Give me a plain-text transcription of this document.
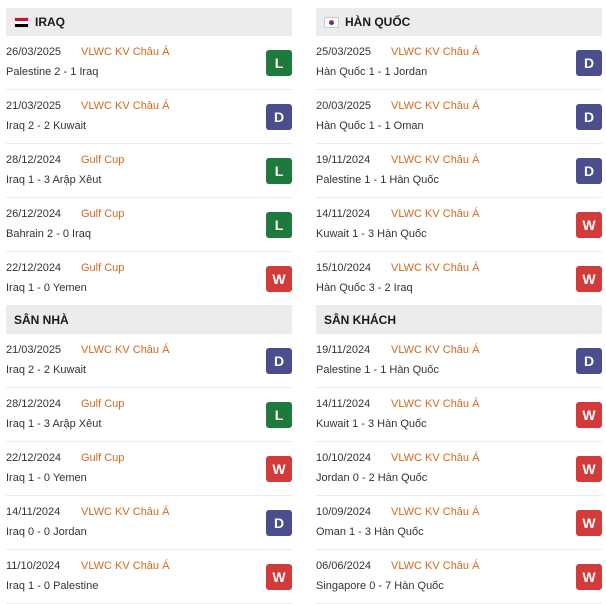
IRAQ
26/03/2025 VLWC KV Châu Á
Palestine 2 - 1 Iraq
L
21/03/2025 VLWC KV Châu Á
Iraq 2 - 2 Kuwait
D
28/12/2024 Gulf Cup
Iraq 1 - 3 Arập Xêut
L
26/12/2024 Gulf Cup
Bahrain 2 - 0 Iraq
L
22/12/2024 Gulf Cup
Iraq 1 - 0 Yemen
W
HÀN QUỐC
25/03/2025 VLWC KV Châu Á
Hàn Quốc 1 - 1 Jordan
D
20/03/2025 VLWC KV Châu Á
Hàn Quốc 1 - 1 Oman
D
19/11/2024 VLWC KV Châu Á
Palestine 1 - 1 Hàn Quốc
D
14/11/2024 VLWC KV Châu Á
Kuwait 1 - 3 Hàn Quốc
W
15/10/2024 VLWC KV Châu Á
Hàn Quốc 3 - 2 Iraq
W
SÂN NHÀ
21/03/2025 VLWC KV Châu Á
Iraq 2 - 2 Kuwait
D
28/12/2024 Gulf Cup
Iraq 1 - 3 Arập Xêut
L
22/12/2024 Gulf Cup
Iraq 1 - 0 Yemen
W
14/11/2024 VLWC KV Châu Á
Iraq 0 - 0 Jordan
D
11/10/2024 VLWC KV Châu Á
Iraq 1 - 0 Palestine
W
SÂN KHÁCH
19/11/2024 VLWC KV Châu Á
Palestine 1 - 1 Hàn Quốc
D
14/11/2024 VLWC KV Châu Á
Kuwait 1 - 3 Hàn Quốc
W
10/10/2024 VLWC KV Châu Á
Jordan 0 - 2 Hàn Quốc
W
10/09/2024 VLWC KV Châu Á
Oman 1 - 3 Hàn Quốc
W
06/06/2024 VLWC KV Châu Á
Singapore 0 - 7 Hàn Quốc
W
